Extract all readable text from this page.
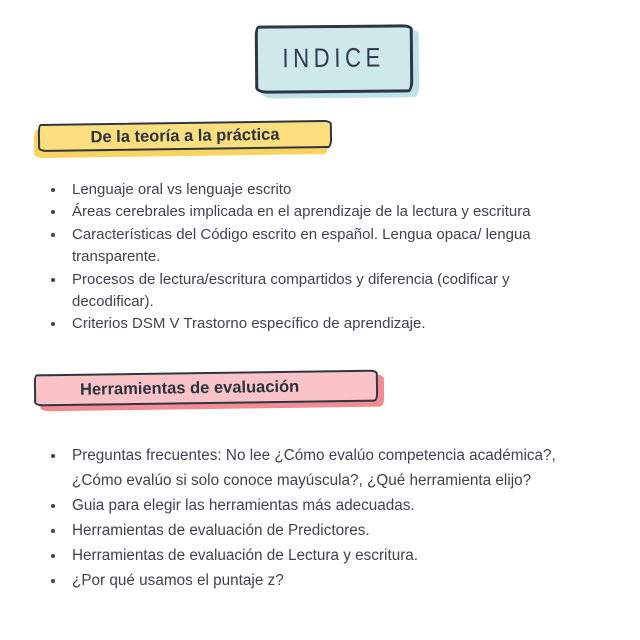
INDICE
De la teoría a la práctica
• Lenguaje oral vs lenguaje escrito
• Áreas cerebrales implicada en el aprendizaje de la lectura y escritura
• Características del Código escrito en español. Lengua opaca/ lengua transparente.
• Procesos de lectura/escritura compartidos y diferencia (codificar y decodificar).
• Criterios DSM V Trastorno específico de aprendizaje.
Herramientas de evaluación
• Preguntas frecuentes: No lee ¿Cómo evalúo competencia académica?, ¿Cómo evalúo si solo conoce mayúscula?, ¿Qué herramienta elijo?
• Guia para elegir las herramientas más adecuadas.
• Herramientas de evaluación de Predictores.
• Herramientas de evaluación de Lectura y escritura.
• ¿Por qué usamos el puntaje z?
